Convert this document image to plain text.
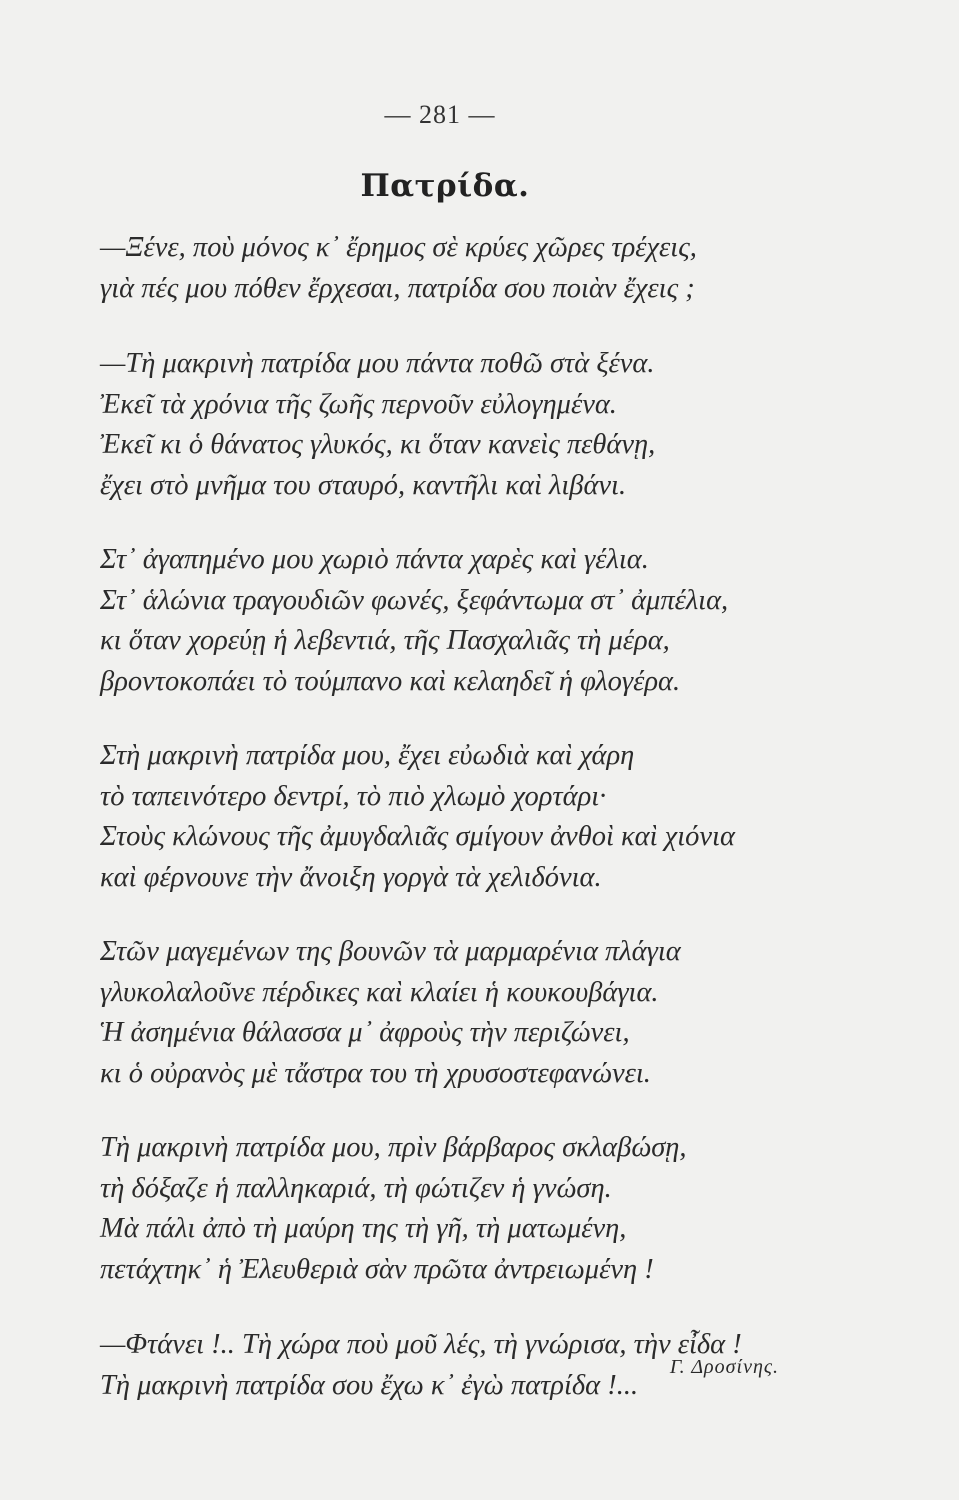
— 281 —
Πατρίδα.
—Ξένε, ποὺ μόνος κ᾽ ἔρημος σὲ κρύες χῶρες τρέχεις,
γιὰ πές μου πόθεν ἔρχεσαι, πατρίδα σου ποιὰν ἔχεις ;
—Τὴ μακρινὴ πατρίδα μου πάντα ποθῶ στὰ ξένα.
Ἐκεῖ τὰ χρόνια τῆς ζωῆς περνοῦν εὐλογημένα.
Ἐκεῖ κι ὁ θάνατος γλυκός, κι ὅταν κανεὶς πεθάνῃ,
ἔχει στὸ μνῆμα του σταυρό, καντῆλι καὶ λιβάνι.
Στ᾽ ἀγαπημένο μου χωριὸ πάντα χαρὲς καὶ γέλια.
Στ᾽ ἁλώνια τραγουδιῶν φωνές, ξεφάντωμα στ᾽ ἀμπέλια,
κι ὅταν χορεύῃ ἡ λεβεντιά, τῆς Πασχαλιᾶς τὴ μέρα,
βροντοκοπάει τὸ τούμπανο καὶ κελαηδεῖ ἡ φλογέρα.
Στὴ μακρινὴ πατρίδα μου, ἔχει εὐωδιὰ καὶ χάρη
τὸ ταπεινότερο δεντρί, τὸ πιὸ χλωμὸ χορτάρι·
Στοὺς κλώνους τῆς ἀμυγδαλιᾶς σμίγουν ἀνθοὶ καὶ χιόνια
καὶ φέρνουνε τὴν ἄνοιξη γοργὰ τὰ χελιδόνια.
Στῶν μαγεμένων της βουνῶν τὰ μαρμαρένια πλάγια
γλυκολαλοῦνε πέρδικες καὶ κλαίει ἡ κουκουβάγια.
Ἡ ἀσημένια θάλασσα μ᾽ ἀφροὺς τὴν περιζώνει,
κι ὁ οὐρανὸς μὲ τἄστρα του τὴ χρυσοστεφανώνει.
Τὴ μακρινὴ πατρίδα μου, πρὶν βάρβαρος σκλαβώσῃ,
τὴ δόξαζε ἡ παλληκαριά, τὴ φώτιζεν ἡ γνώση.
Μὰ πάλι ἀπὸ τὴ μαύρη της τὴ γῆ, τὴ ματωμένη,
πετάχτηκ᾽ ἡ Ἐλευθεριὰ σὰν πρῶτα ἀντρειωμένη !
—Φτάνει !.. Τὴ χώρα ποὺ μοῦ λές, τὴ γνώρισα, τὴν εἶδα !
Τὴ μακρινὴ πατρίδα σου ἔχω κ᾽ ἐγὼ πατρίδα !...
Γ. Δροσίνης.
